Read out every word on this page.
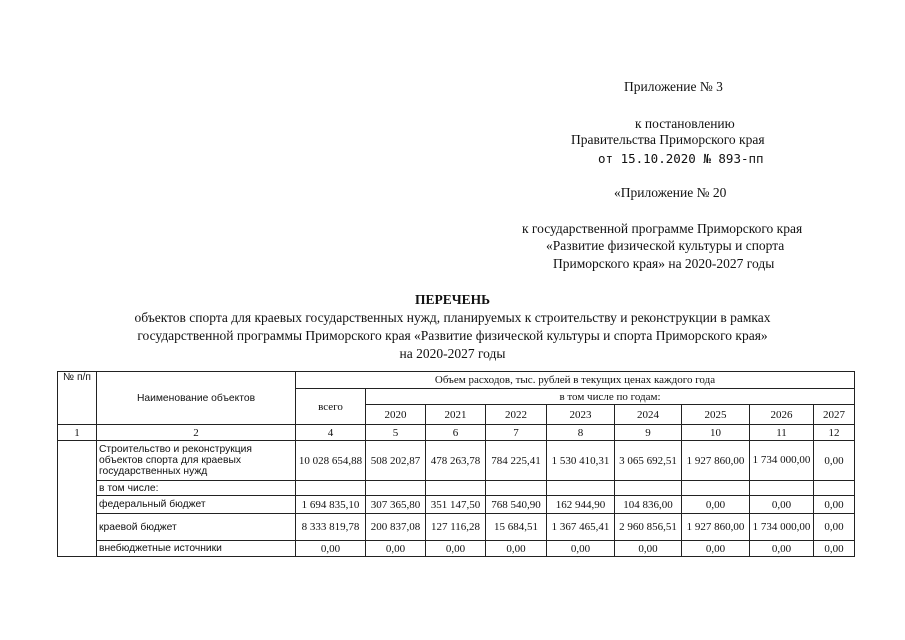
Приложение № 3
к постановлению
Правительства Приморского края
от 15.10.2020 № 893-пп
«Приложение № 20
к государственной программе Приморского края
«Развитие физической культуры и спорта
Приморского края» на 2020-2027 годы
ПЕРЕЧЕНЬ
объектов спорта для краевых государственных нужд, планируемых к строительству и реконструкции в рамках
государственной программы Приморского края «Развитие физической культуры и спорта Приморского края»
на 2020-2027 годы
№ п/п	Наименование объектов	Объем расходов, тыс. рублей в текущих ценах каждого года								
		всего	в том числе по годам:							
			2020	2021	2022	2023	2024	2025	2026	2027
1	2	4	5	6	7	8	9	10	11	12
	Строительство и реконструкция объектов спорта для краевых государственных нужд	10 028 654,88	508 202,87	478 263,78	784 225,41	1 530 410,31	3 065 692,51	1 927 860,00	1 734 000,00	0,00
	в том числе:									
	федеральный бюджет	1 694 835,10	307 365,80	351 147,50	768 540,90	162 944,90	104 836,00	0,00	0,00	0,00
	краевой бюджет	8 333 819,78	200 837,08	127 116,28	15 684,51	1 367 465,41	2 960 856,51	1 927 860,00	1 734 000,00	0,00
	внебюджетные источники	0,00	0,00	0,00	0,00	0,00	0,00	0,00	0,00	0,00
